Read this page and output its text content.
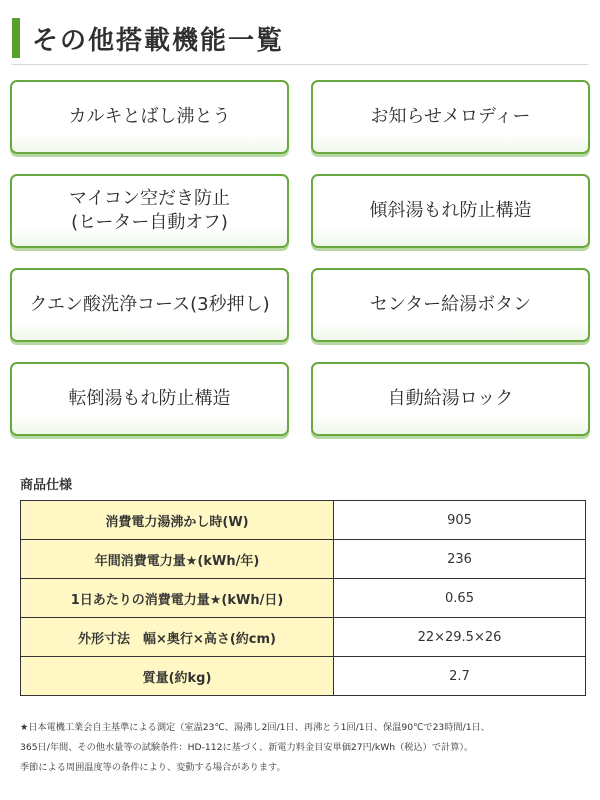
その他搭載機能一覧
カルキとばし沸とう	お知らせメロディー
マイコン空だき防止
(ヒーター自動オフ)
傾斜湯もれ防止構造
クエン酸洗浄コース(3秒押し)	センター給湯ボタン
転倒湯もれ防止構造	自動給湯ロック
商品仕様
消費電力湯沸かし時(W)	905
年間消費電力量★(kWh/年)	236
1日あたりの消費電力量★(kWh/日)	0.65
外形寸法　幅×奥行×高さ(約cm)	22×29.5×26
質量(約kg)	2.7
★日本電機工業会自主基準による測定（室温23℃、湯沸し2回/1日、再沸とう1回/1日、保温90℃で23時間/1日、
365日/年間、その他水量等の試験条件：HD-112に基づく、新電力料金目安単価27円/kWh（税込）で計算）。
季節による周囲温度等の条件により、変動する場合があります。
